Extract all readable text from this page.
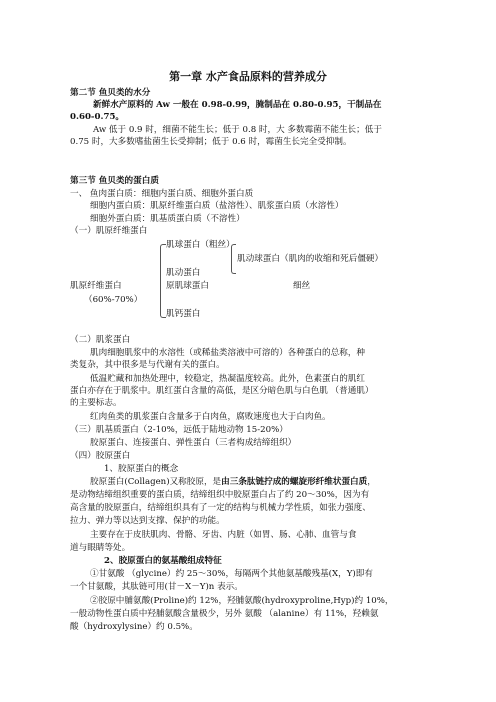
第一章 水产食品原料的营养成分
第二节 鱼贝类的水分
新鲜水产原料的 Aw 一般在 0.98-0.99，腌制品在 0.80-0.95，干制品在
0.60-0.75。
Aw 低于 0.9 时，细菌不能生长；低于 0.8 时，大 多数霉菌不能生长；低于
0.75 时，大多数嗜盐菌生长受抑制；低于 0.6 时，霉菌生长完全受抑制。
第三节 鱼贝类的蛋白质
一、 鱼肉蛋白质：细胞内蛋白质、细胞外蛋白质
细胞内蛋白质：肌原纤维蛋白质（盐溶性）、肌浆蛋白质（水溶性）
细胞外蛋白质：肌基质蛋白质（不溶性）
（一）肌原纤维蛋白
肌球蛋白（粗丝）
肌动球蛋白（肌肉的收缩和死后僵硬）
肌动蛋白
肌原纤维蛋白	原肌球蛋白	细丝
（60%-70%）
肌钙蛋白
（二）肌浆蛋白
肌肉细胞肌浆中的水溶性（或稀盐类溶液中可溶的）各种蛋白的总称，种
类复杂，其中很多是与代谢有关的蛋白。
低温贮藏和加热处理中，较稳定，热凝温度较高。此外，色素蛋白的肌红
蛋白亦存在于肌浆中。肌红蛋白含量的高低，是区分暗色肌与白色肌 （普通肌）
的主要标志。
红肉鱼类的肌浆蛋白含量多于白肉鱼，腐败速度也大于白肉鱼。
（三）肌基质蛋白（2-10%，远低于陆地动物 15-20%）
胶原蛋白、连接蛋白、弹性蛋白（三者构成结缔组织）
（四）胶原蛋白
1、胶原蛋白的概念
胶原蛋白(Collagen)又称胶原，是由三条肽链拧成的螺旋形纤维状蛋白质，
是动物结缔组织重要的蛋白质，结缔组织中胶原蛋白占了约 20～30%，因为有
高含量的胶原蛋白，结缔组织具有了一定的结构与机械力学性质，如张力强度、
拉力、弹力等以达到支撑、保护的功能。
主要存在于皮肤肌肉、骨骼、牙齿、内脏（如胃、肠、心肺、血管与食
道与眼睛等处。
2、胶原蛋白的氨基酸组成特征
①甘氨酸 （glycine）约 25～30%，每隔两个其他氨基酸残基(X，Y)即有
一个甘氨酸，其肽链可用(甘－X－Y)n 表示。
②胶原中脯氨酸(Proline)约 12%，羟脯氨酸(hydroxyproline,Hyp)约 10%，
一般动物性蛋白质中羟脯氨酸含量极少，另外 氨酸 （alanine）有 11%，羟赖氨
酸（hydroxylysine）约 0.5%。
